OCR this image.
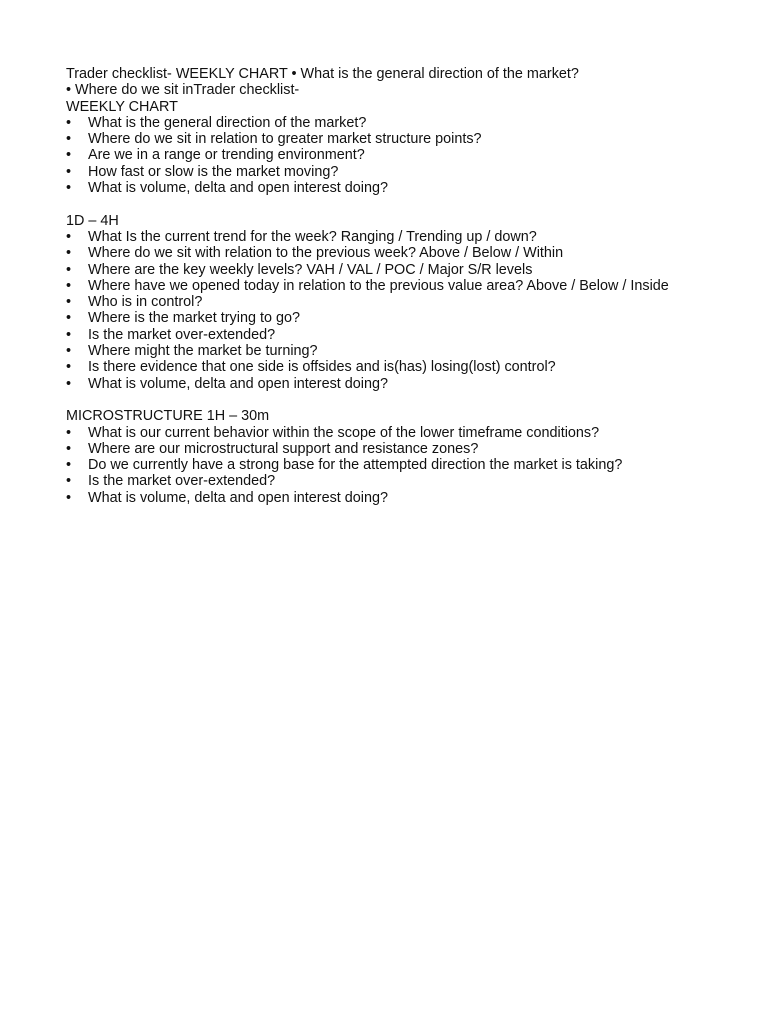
Trader checklist- WEEKLY CHART • What is the general direction of the market?
• Where do we sit inTrader checklist-
WEEKLY CHART
•	What is the general direction of the market?
•	Where do we sit in relation to greater market structure points?
•	Are we in a range or trending environment?
•	How fast or slow is the market moving?
•	What is volume, delta and open interest doing?
1D – 4H
•	What Is the current trend for the week? Ranging / Trending up / down?
•	Where do we sit with relation to the previous week? Above / Below / Within
•	Where are the key weekly levels? VAH / VAL / POC / Major S/R levels
•	Where have we opened today in relation to the previous value area? Above / Below / Inside
•	Who is in control?
•	Where is the market trying to go?
•	Is the market over-extended?
•	Where might the market be turning?
•	Is there evidence that one side is offsides and is(has) losing(lost) control?
•	What is volume, delta and open interest doing?
MICROSTRUCTURE 1H – 30m
•	What is our current behavior within the scope of the lower timeframe conditions?
•	Where are our microstructural support and resistance zones?
•	Do we currently have a strong base for the attempted direction the market is taking?
•	Is the market over-extended?
•	What is volume, delta and open interest doing?
